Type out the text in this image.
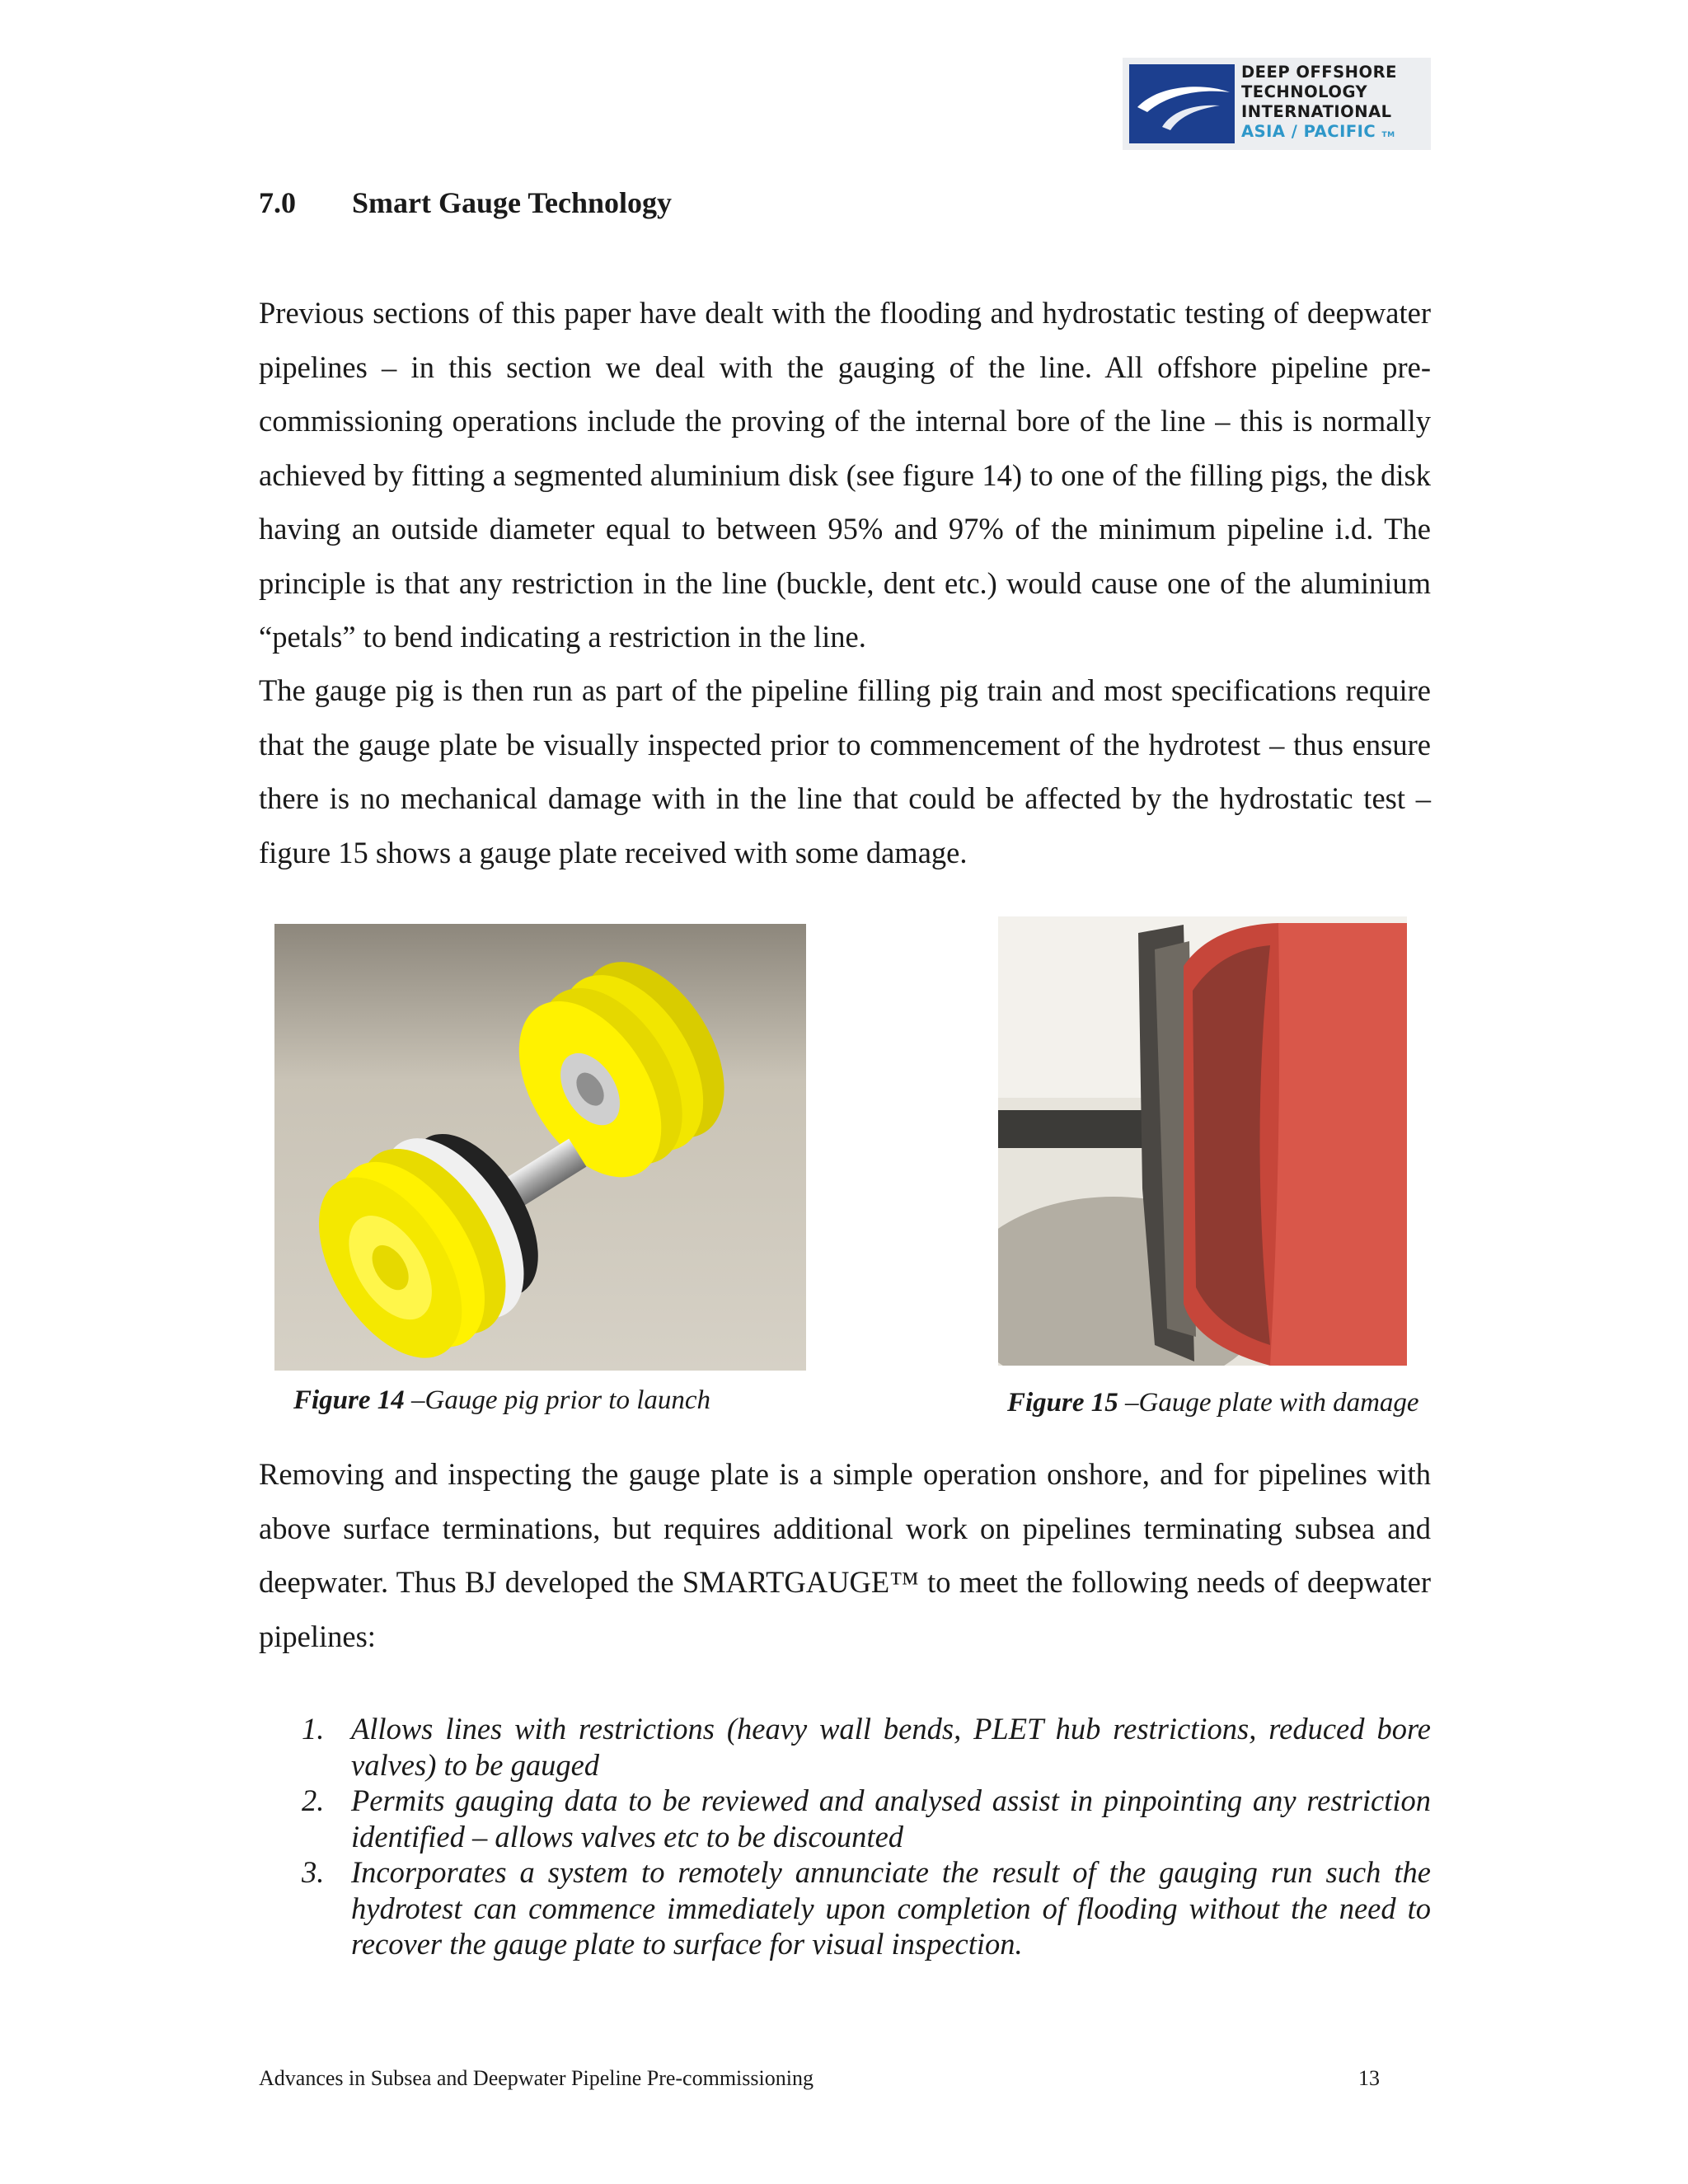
DEEP OFFSHORE
TECHNOLOGY
INTERNATIONAL
ASIA / PACIFIC TM
7.0 Smart Gauge Technology

Previous sections of this paper have dealt with the flooding and hydrostatic testing of deepwater pipelines – in this section we deal with the gauging of the line. All offshore pipeline pre-commissioning operations include the proving of the internal bore of the line – this is normally achieved by fitting a segmented aluminium disk (see figure 14) to one of the filling pigs, the disk having an outside diameter equal to between 95% and 97% of the minimum pipeline i.d. The principle is that any restriction in the line (buckle, dent etc.) would cause one of the aluminium “petals” to bend indicating a restriction in the line.

The gauge pig is then run as part of the pipeline filling pig train and most specifications require that the gauge plate be visually inspected prior to commencement of the hydrotest – thus ensure there is no mechanical damage with in the line that could be affected by the hydrostatic test – figure 15 shows a gauge plate received with some damage.

Figure 14 –Gauge pig prior to launch	Figure 15 –Gauge plate with damage

Removing and inspecting the gauge plate is a simple operation onshore, and for pipelines with above surface terminations, but requires additional work on pipelines terminating subsea and deepwater. Thus BJ developed the SMARTGAUGE™ to meet the following needs of deepwater pipelines:

1. Allows lines with restrictions (heavy wall bends, PLET hub restrictions, reduced bore valves) to be gauged
2. Permits gauging data to be reviewed and analysed assist in pinpointing any restriction identified – allows valves etc to be discounted
3. Incorporates a system to remotely annunciate the result of the gauging run such the hydrotest can commence immediately upon completion of flooding without the need to recover the gauge plate to surface for visual inspection.
Advances in Subsea and Deepwater Pipeline Pre-commissioning	13
